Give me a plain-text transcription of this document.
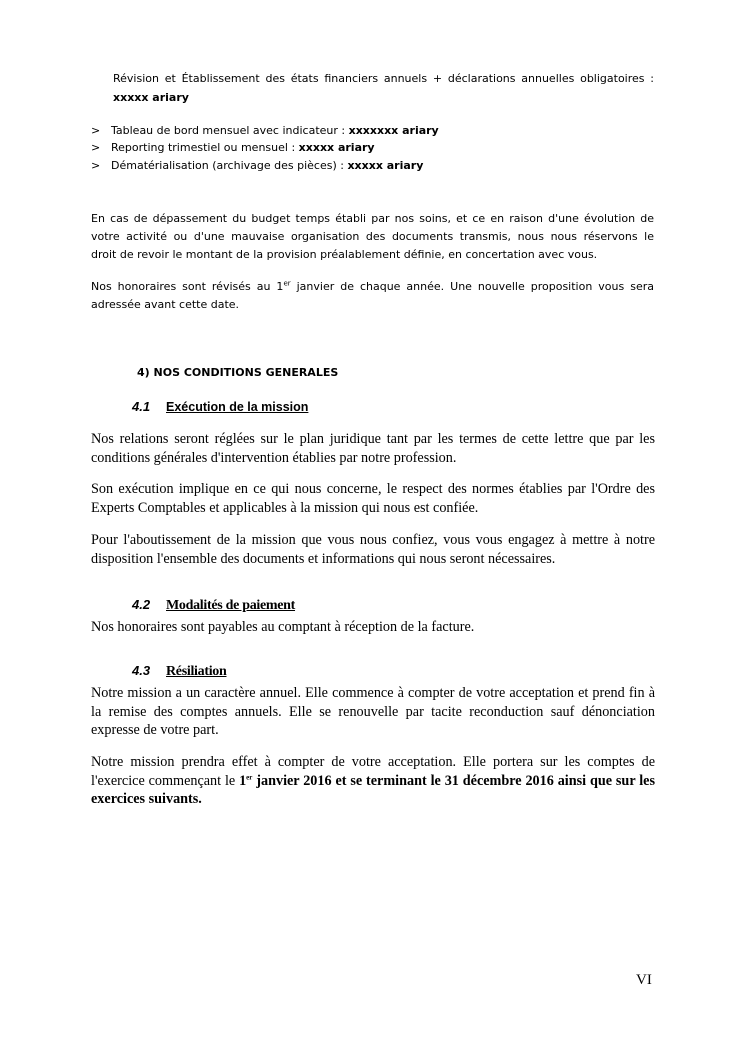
Révision et Établissement des états financiers annuels + déclarations annuelles obligatoires :
xxxxx ariary
> Tableau de bord mensuel avec indicateur : xxxxxxx ariary
> Reporting trimestiel ou mensuel : xxxxx ariary
> Dématérialisation (archivage des pièces) : xxxxx ariary
En cas de dépassement du budget temps établi par nos soins, et ce en raison d'une évolution de
votre activité ou d'une mauvaise organisation des documents transmis, nous nous réservons le
droit de revoir le montant de la provision préalablement définie, en concertation avec vous.
Nos honoraires sont révisés au 1er janvier de chaque année. Une nouvelle proposition vous sera
adressée avant cette date.
4) NOS CONDITIONS GENERALES
4.1 Exécution de la mission
Nos relations seront réglées sur le plan juridique tant par les termes de cette lettre que par les conditions générales d'intervention établies par notre profession.
Son exécution implique en ce qui nous concerne, le respect des normes établies par l'Ordre des Experts Comptables et applicables à la mission qui nous est confiée.
Pour l'aboutissement de la mission que vous nous confiez, vous vous engagez à mettre à notre disposition l'ensemble des documents et informations qui nous seront nécessaires.
4.2 Modalités de paiement
Nos honoraires sont payables au comptant à réception de la facture.
4.3 Résiliation
Notre mission a un caractère annuel. Elle commence à compter de votre acceptation et prend fin à la remise des comptes annuels. Elle se renouvelle par tacite reconduction sauf dénonciation expresse de votre part.
Notre mission prendra effet à compter de votre acceptation. Elle portera sur les comptes de l'exercice commençant le 1er janvier 2016 et se terminant le 31 décembre 2016 ainsi que sur les exercices suivants.
VI
